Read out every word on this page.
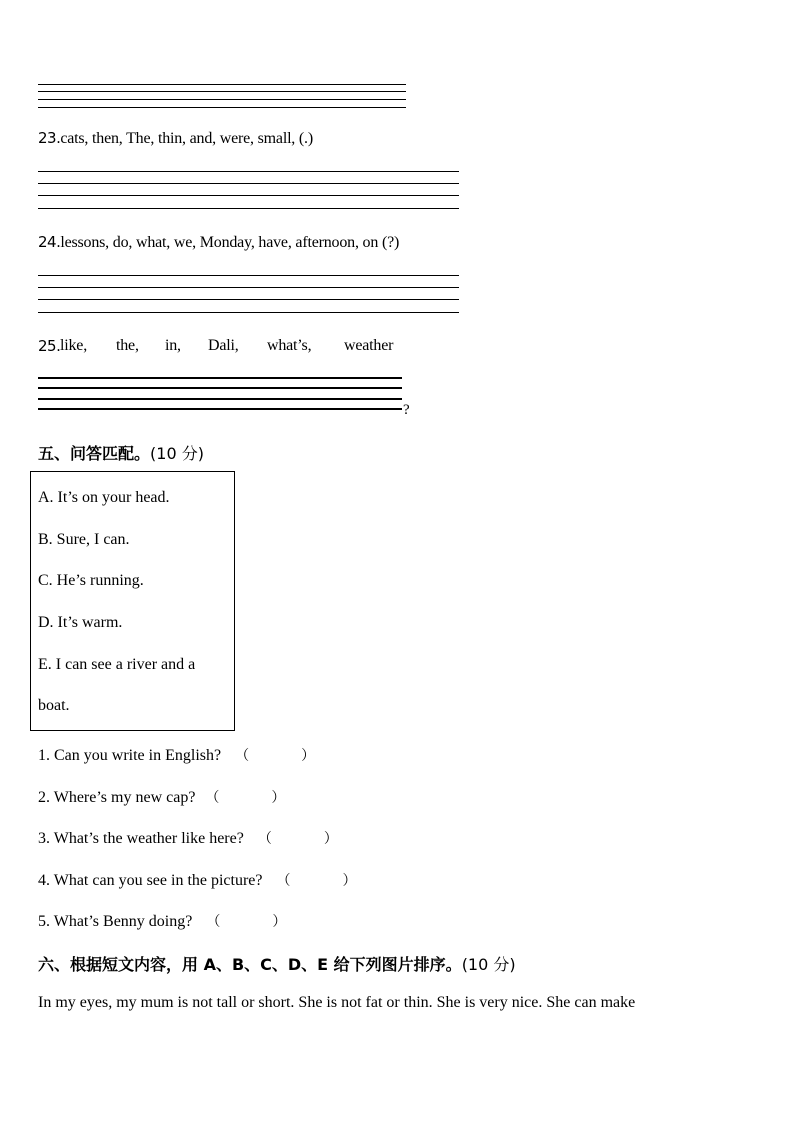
23.cats, then, The, thin, and, were, small, (.)
24.lessons, do, what, we, Monday, have, afternoon, on (?)
25. like, the, in, Dali, what’s, weather
?
五、问答匹配。(10 分)
A. It’s on your head.
B. Sure, I can.
C. He’s running.
D. It’s warm.
E. I can see a river and a
boat.
1. Can you write in English? （	）
2. Where’s my new cap? （	）
3. What’s the weather like here? （	）
4. What can you see in the picture? （	）
5. What’s Benny doing? （	）
六、根据短文内容，用 A、B、C、D、E 给下列图片排序。(10 分)
In my eyes, my mum is not tall or short. She is not fat or thin. She is very nice. She can make
